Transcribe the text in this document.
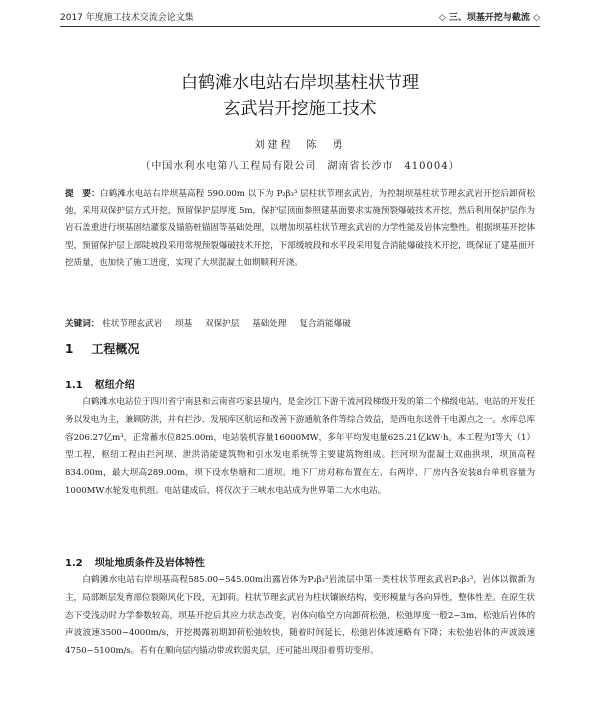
2017 年度施工技术交流会论文集	◇ 三、坝基开挖与截流 ◇
白鹤滩水电站右岸坝基柱状节理
玄武岩开挖施工技术
刘建程　陈　勇
（中国水利水电第八工程局有限公司　湖南省长沙市　410004）
提　要：白鹤滩水电站右岸坝基高程 590.00m 以下为 P₂β₃³ 层柱状节理玄武岩，为控制坝基柱状节理玄武岩开挖后卸荷松弛，采用双保护层方式开挖，预留保护层厚度 5m，保护层顶面参照建基面要求实施预裂爆破技术开挖，然后利用保护层作为岩石盖重进行坝基固结灌浆及锚筋桩锚固等基础处理，以增加坝基柱状节理玄武岩的力学性能及岩体完整性。根据坝基开挖体型，预留保护层上部陡坡段采用常规预裂爆破技术开挖，下部缓坡段和水平段采用复合消能爆破技术开挖，既保证了建基面开挖质量，也加快了施工进度，实现了大坝混凝土如期顺利开浇。
关键词： 柱状节理玄武岩 坝基 双保护层 基础处理 复合消能爆破
1 工程概况
1.1 枢纽介绍
白鹤滩水电站位于四川省宁南县和云南省巧家县境内，是金沙江下游干流河段梯级开发的第二个梯级电站。电站的开发任务以发电为主，兼顾防洪，并有拦沙、发展库区航运和改善下游通航条件等综合效益，是西电东送骨干电源点之一。水库总库容206.27亿m³，正常蓄水位825.00m，电站装机容量16000MW，多年平均发电量625.21亿kW·h。本工程为Ⅰ等大（1）型工程，枢纽工程由拦河坝、泄洪消能建筑物和引水发电系统等主要建筑物组成。拦河坝为混凝土双曲拱坝，坝顶高程834.00m，最大坝高289.00m，坝下设水垫塘和二道坝。地下厂房对称布置在左、右两岸，厂房内各安装8台单机容量为1000MW水轮发电机组。电站建成后，将仅次于三峡水电站成为世界第二大水电站。
1.2 坝址地质条件及岩体特性
白鹤滩水电站右岸坝基高程585.00~545.00m出露岩体为P₂β₃³岩流层中第一类柱状节理玄武岩P₂β₃³，岩体以微新为主，局部断层发育部位裂隙风化下段，无卸荷。柱状节理玄武岩为柱状镶嵌结构，变形模量与各向异性，整体性差。在原生状态下受浅动时力学参数较高，坝基开挖后其应力状态改变，岩体向临空方向卸荷松弛，松弛厚度一般2~3m，松弛后岩体的声波波速3500~4000m/s，开挖揭露初期卸荷松弛较快，随着时间延长，松弛岩体波速略有下降；未松弛岩体的声波波速4750~5100m/s。若有在顺向层内锚动带或软弱夹层，还可能出现沿着剪切变形。
